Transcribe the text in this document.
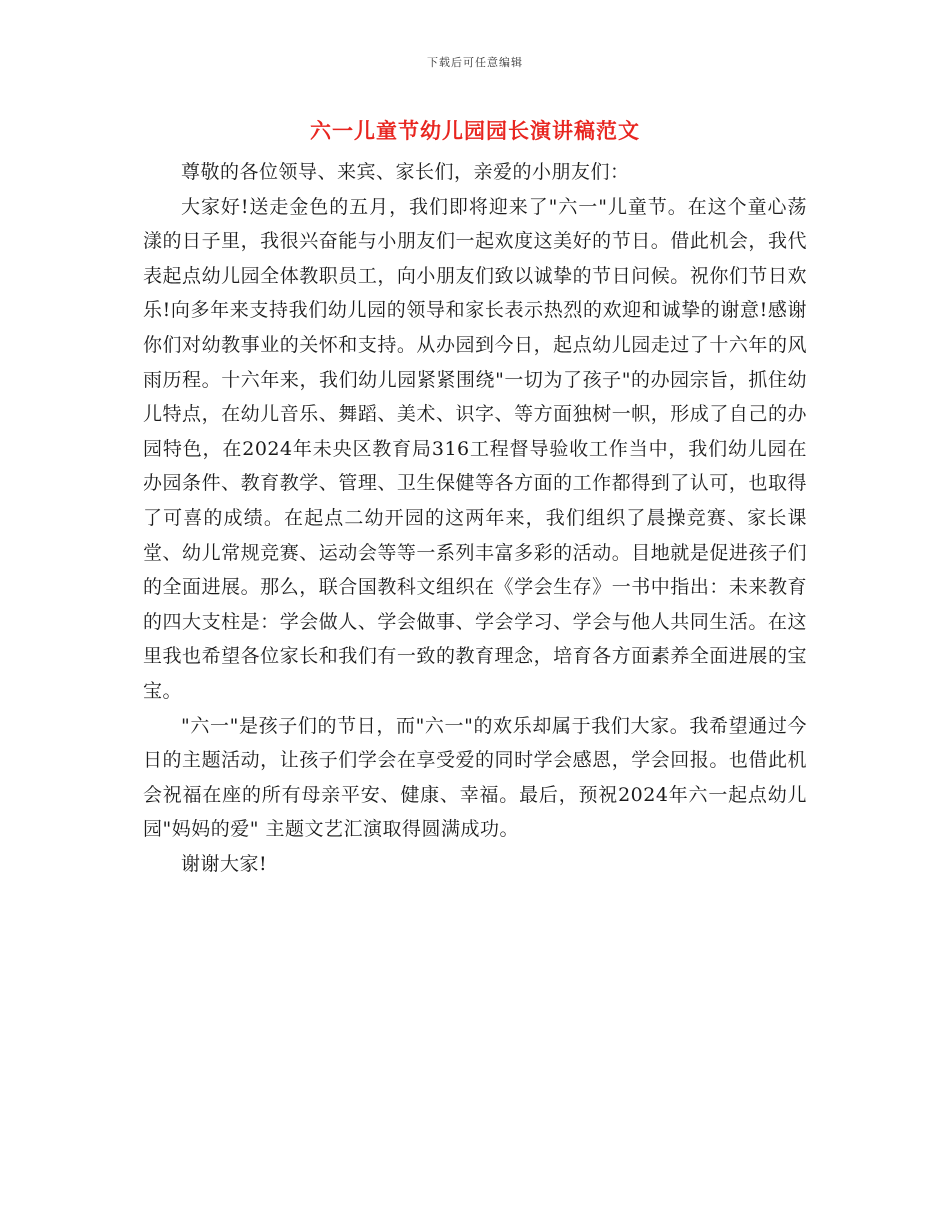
下载后可任意编辑
六一儿童节幼儿园园长演讲稿范文

尊敬的各位领导、来宾、家长们，亲爱的小朋友们：

大家好!送走金色的五月，我们即将迎来了"六一"儿童节。在这个童心荡漾的日子里，我很兴奋能与小朋友们一起欢度这美好的节日。借此机会，我代表起点幼儿园全体教职员工，向小朋友们致以诚挚的节日问候。祝你们节日欢乐!向多年来支持我们幼儿园的领导和家长表示热烈的欢迎和诚挚的谢意!感谢你们对幼教事业的关怀和支持。从办园到今日，起点幼儿园走过了十六年的风雨历程。十六年来，我们幼儿园紧紧围绕"一切为了孩子"的办园宗旨，抓住幼儿特点，在幼儿音乐、舞蹈、美术、识字、等方面独树一帜，形成了自己的办园特色，在2024年未央区教育局316工程督导验收工作当中，我们幼儿园在办园条件、教育教学、管理、卫生保健等各方面的工作都得到了认可，也取得了可喜的成绩。在起点二幼开园的这两年来，我们组织了晨操竞赛、家长课堂、幼儿常规竞赛、运动会等等一系列丰富多彩的活动。目地就是促进孩子们的全面进展。那么，联合国教科文组织在《学会生存》一书中指出：未来教育的四大支柱是：学会做人、学会做事、学会学习、学会与他人共同生活。在这里我也希望各位家长和我们有一致的教育理念，培育各方面素养全面进展的宝宝。

"六一"是孩子们的节日，而"六一"的欢乐却属于我们大家。我希望通过今日的主题活动，让孩子们学会在享受爱的同时学会感恩，学会回报。也借此机会祝福在座的所有母亲平安、健康、幸福。最后，预祝2024年六一起点幼儿园"妈妈的爱" 主题文艺汇演取得圆满成功。

谢谢大家!
